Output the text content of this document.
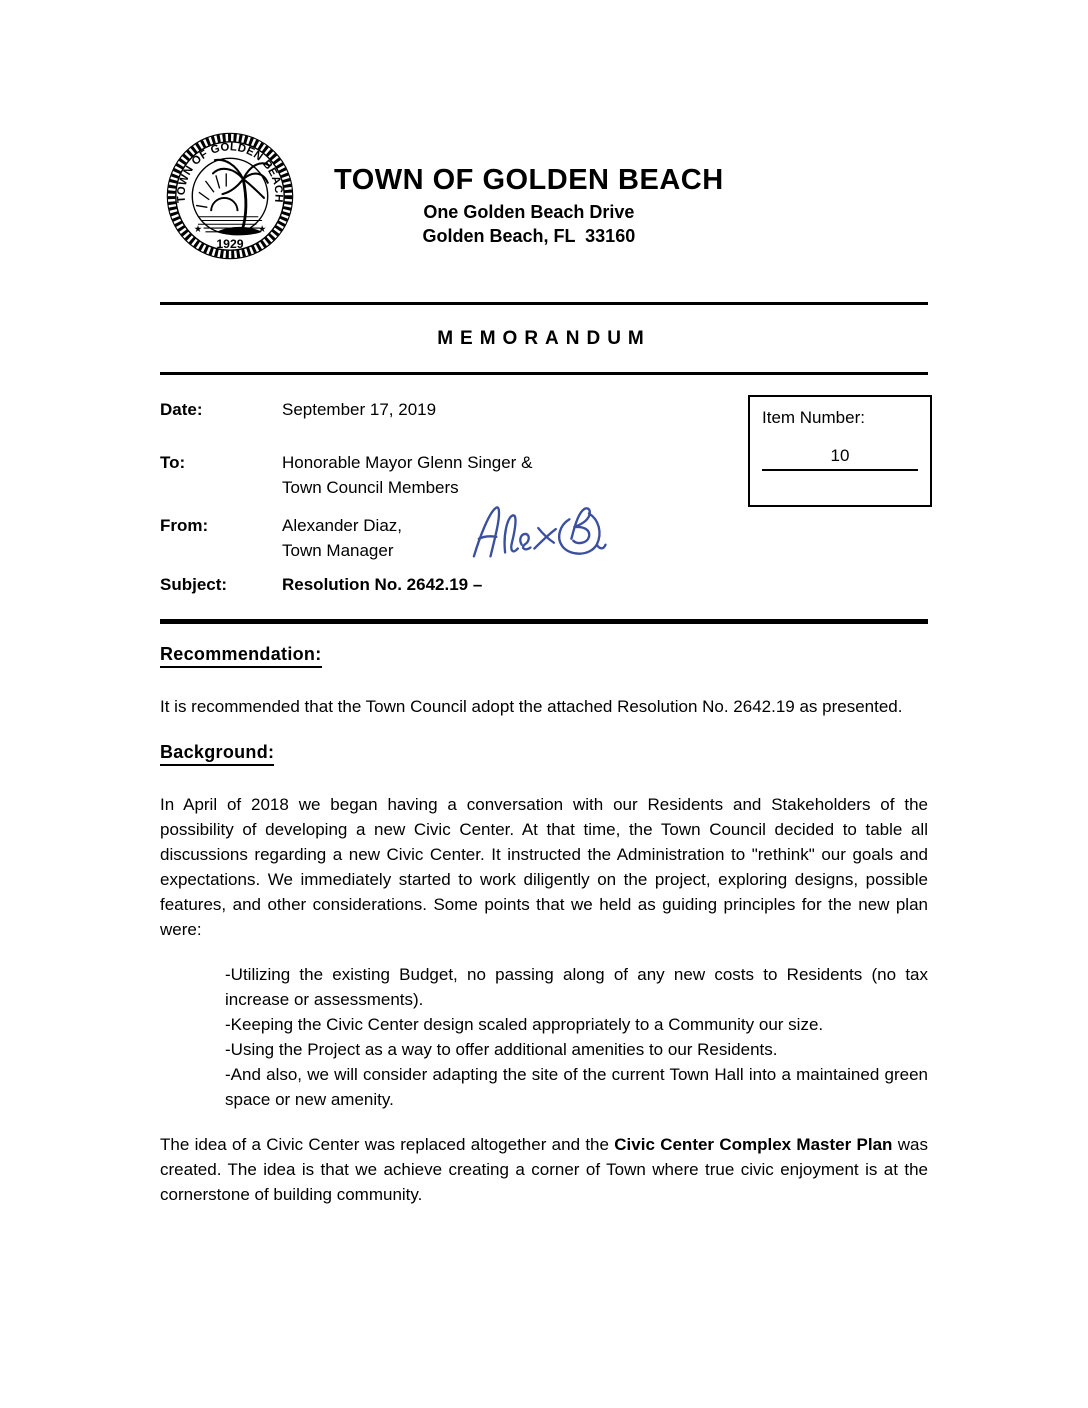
TOWN OF GOLDEN BEACH
★	★
1929
TOWN OF GOLDEN BEACH
One Golden Beach Drive
Golden Beach, FL  33160
MEMORANDUM
Date:	September 17, 2019
To:	Honorable Mayor Glenn Singer &
Town Council Members
From:	Alexander Diaz,
Town Manager
Subject:	Resolution No. 2642.19 –
Item Number:
10
Recommendation:

It is recommended that the Town Council adopt the attached Resolution No. 2642.19 as presented.

Background:

In April of 2018 we began having a conversation with our Residents and Stakeholders of the possibility of developing a new Civic Center. At that time, the Town Council decided to table all discussions regarding a new Civic Center. It instructed the Administration to "rethink" our goals and expectations. We immediately started to work diligently on the project, exploring designs, possible features, and other considerations. Some points that we held as guiding principles for the new plan were:

-Utilizing the existing Budget, no passing along of any new costs to Residents (no tax increase or assessments).

-Keeping the Civic Center design scaled appropriately to a Community our size.

-Using the Project as a way to offer additional amenities to our Residents.

-And also, we will consider adapting the site of the current Town Hall into a maintained green space or new amenity.

The idea of a Civic Center was replaced altogether and the Civic Center Complex Master Plan was created. The idea is that we achieve creating a corner of Town where true civic enjoyment is at the cornerstone of building community.
